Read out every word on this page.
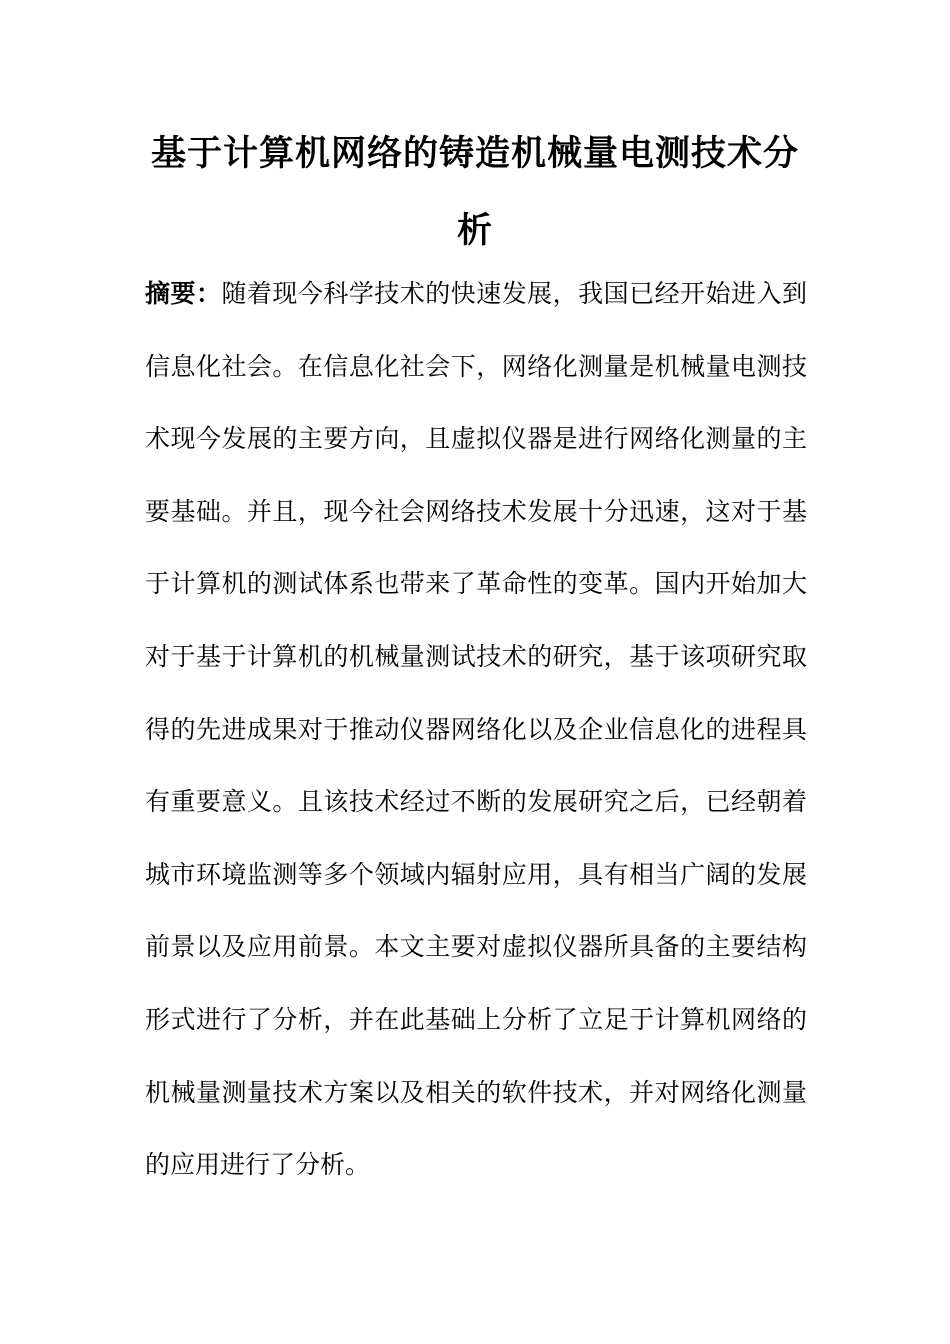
基于计算机网络的铸造机械量电测技术分析

摘要：随着现今科学技术的快速发展，我国已经开始进入到信息化社会。在信息化社会下，网络化测量是机械量电测技术现今发展的主要方向，且虚拟仪器是进行网络化测量的主要基础。并且，现今社会网络技术发展十分迅速，这对于基于计算机的测试体系也带来了革命性的变革。国内开始加大对于基于计算机的机械量测试技术的研究，基于该项研究取得的先进成果对于推动仪器网络化以及企业信息化的进程具有重要意义。且该技术经过不断的发展研究之后，已经朝着城市环境监测等多个领域内辐射应用，具有相当广阔的发展前景以及应用前景。本文主要对虚拟仪器所具备的主要结构形式进行了分析，并在此基础上分析了立足于计算机网络的机械量测量技术方案以及相关的软件技术，并对网络化测量的应用进行了分析。
